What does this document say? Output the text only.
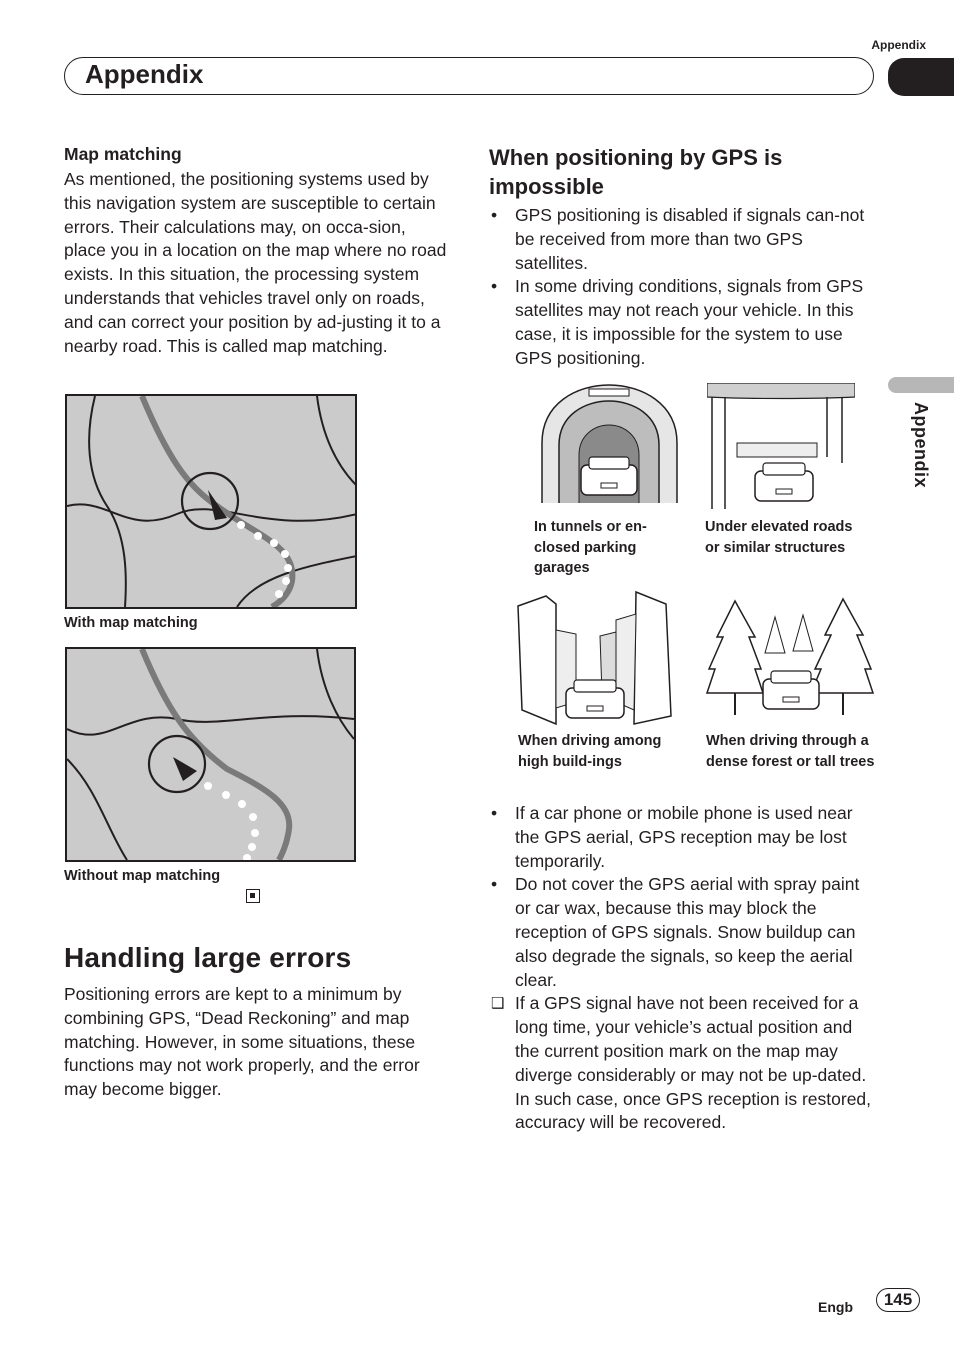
Appendix
Appendix
Appendix
Map matching
As mentioned, the positioning systems used by this navigation system are susceptible to certain errors. Their calculations may, on occa-sion, place you in a location on the map where no road exists. In this situation, the processing system understands that vehicles travel only on roads, and can correct your position by ad-justing it to a nearby road. This is called map matching.
With map matching
Without map matching
Handling large errors
Positioning errors are kept to a minimum by combining GPS, “Dead Reckoning” and map matching. However, in some situations, these functions may not work properly, and the error may become bigger.
When positioning by GPS is impossible
• GPS positioning is disabled if signals can-not be received from more than two GPS satellites.
• In some driving conditions, signals from GPS satellites may not reach your vehicle. In this case, it is impossible for the system to use GPS positioning.
In tunnels or en-closed parking garages
Under elevated roads or similar structures
When driving among high build-ings
When driving through a dense forest or tall trees
• If a car phone or mobile phone is used near the GPS aerial, GPS reception may be lost temporarily.
• Do not cover the GPS aerial with spray paint or car wax, because this may block the reception of GPS signals. Snow buildup can also degrade the signals, so keep the aerial clear.
❑ If a GPS signal have not been received for a long time, your vehicle’s actual position and the current position mark on the map may diverge considerably or may not be up-dated. In such case, once GPS reception is restored, accuracy will be recovered.
Engb	145
